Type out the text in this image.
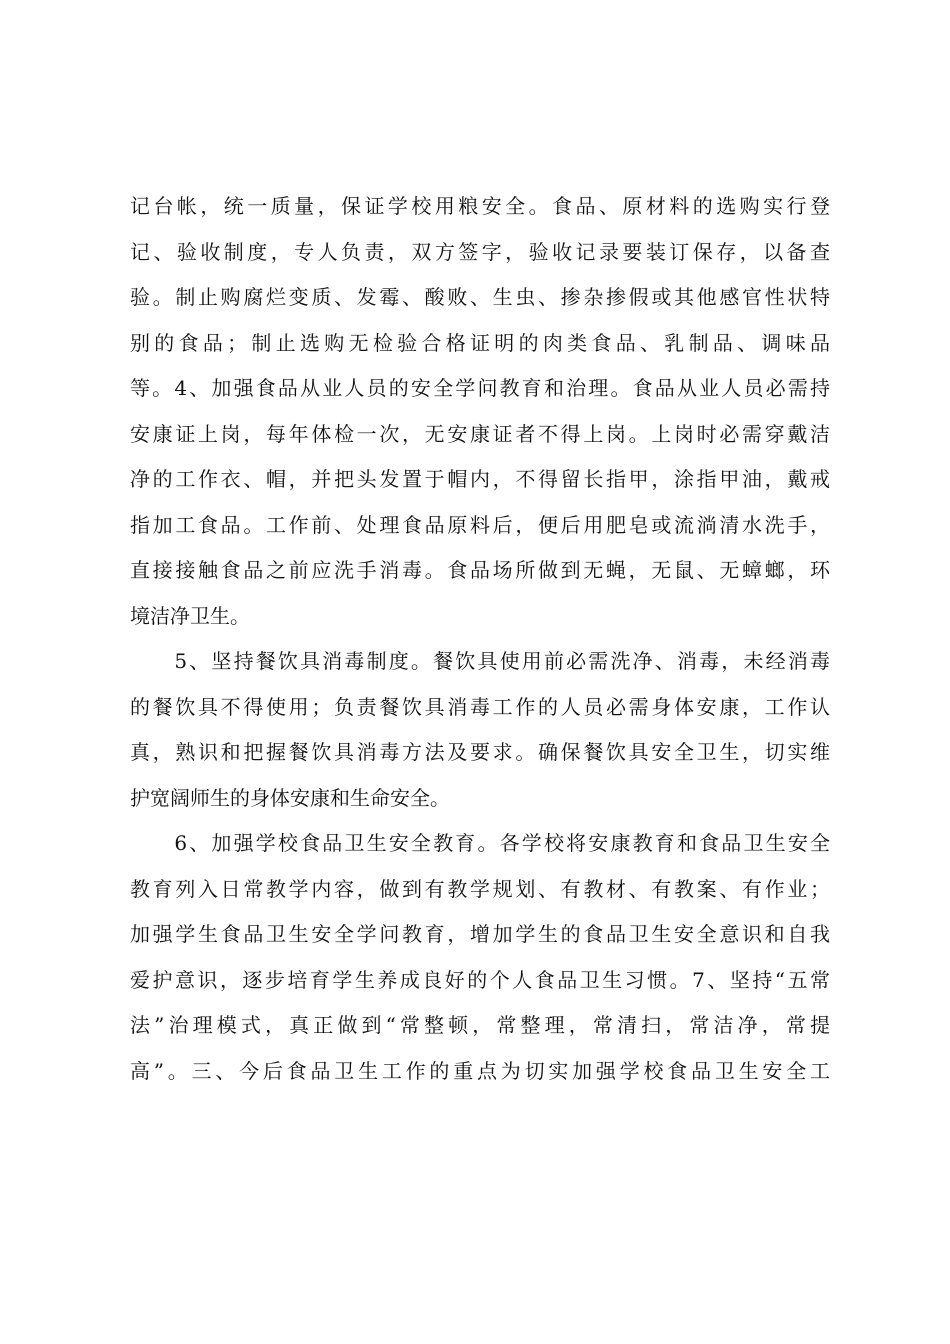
记台帐，统一质量，保证学校用粮安全。食品、原材料的选购实行登
记、验收制度，专人负责，双方签字，验收记录要装订保存，以备查
验。制止购腐烂变质、发霉、酸败、生虫、掺杂掺假或其他感官性状特
别的食品；制止选购无检验合格证明的肉类食品、乳制品、调味品
等。4、加强食品从业人员的安全学问教育和治理。食品从业人员必需持
安康证上岗，每年体检一次，无安康证者不得上岗。上岗时必需穿戴洁
净的工作衣、帽，并把头发置于帽内，不得留长指甲，涂指甲油，戴戒
指加工食品。工作前、处理食品原料后，便后用肥皂或流淌清水洗手，
直接接触食品之前应洗手消毒。食品场所做到无蝇，无鼠、无蟑螂，环
境洁净卫生。
　　5、坚持餐饮具消毒制度。餐饮具使用前必需洗净、消毒，未经消毒
的餐饮具不得使用；负责餐饮具消毒工作的人员必需身体安康，工作认
真，熟识和把握餐饮具消毒方法及要求。确保餐饮具安全卫生，切实维
护宽阔师生的身体安康和生命安全。
　　6、加强学校食品卫生安全教育。各学校将安康教育和食品卫生安全
教育列入日常教学内容，做到有教学规划、有教材、有教案、有作业；
加强学生食品卫生安全学问教育，增加学生的食品卫生安全意识和自我
爱护意识，逐步培育学生养成良好的个人食品卫生习惯。7、坚持“五常
法”治理模式，真正做到“常整顿，常整理，常清扫，常洁净，常提
高”。三、今后食品卫生工作的重点为切实加强学校食品卫生安全工
